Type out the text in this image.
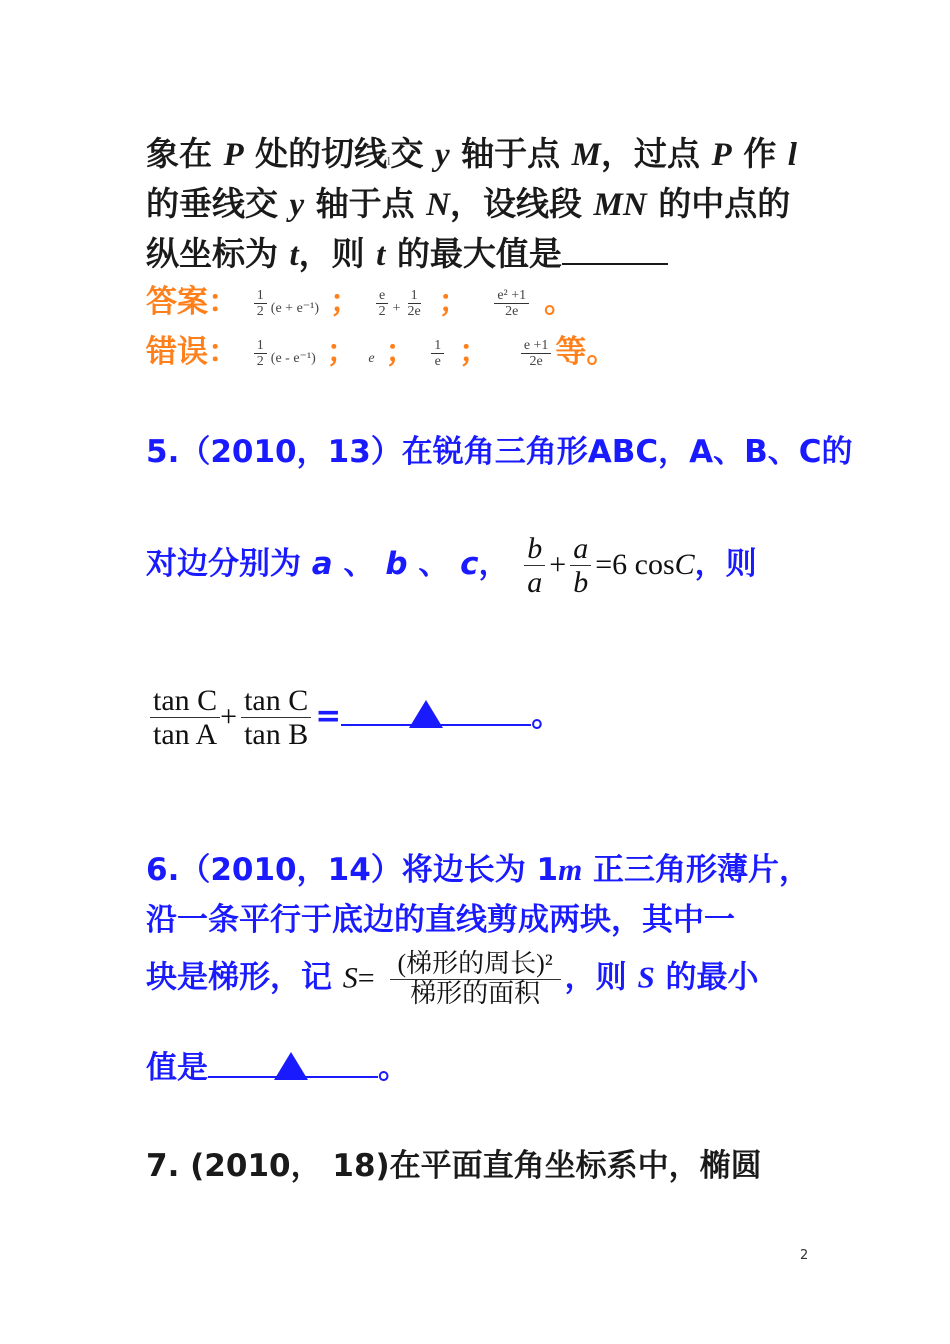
象在 P 处的切线l交 y 轴于点 M，过点 P 作 l
的垂线交 y 轴于点 N，设线段 MN 的中点的
纵坐标为 t，则 t 的最大值是
答案： $\frac{1}{2} (e + e^{-1})$ ； $\frac{e}{2} + \frac{1}{2e}$ ； $\frac{\text{e² +1}}{2e}$ 。
错误： $\frac{1}{2} (e - e^{-1})$ ； e ； $\frac{1}{e}$ ； $\frac{e +1}{2e}$ 等。
5.（2010，13）在锐角三角形ABC，A、B、C的
对边分别为 a 、 b 、 c， $\frac{b}{a} + \frac{a}{b} =6$ cosC，则
$\frac{\text{tan C}}{\text{tan A}} + \frac{\text{tan C}}{\text{tan B}}$ =	。
6.（2010，14）将边长为 1m 正三角形薄片，
沿一条平行于底边的直线剪成两块，其中一
块是梯形，记 $S= \frac{\text{(梯形的周长)²}}{\text{梯形的面积}}$ ，则 S 的最小
值是	。
7. (2010， 18)在平面直角坐标系中，椭圆
2
